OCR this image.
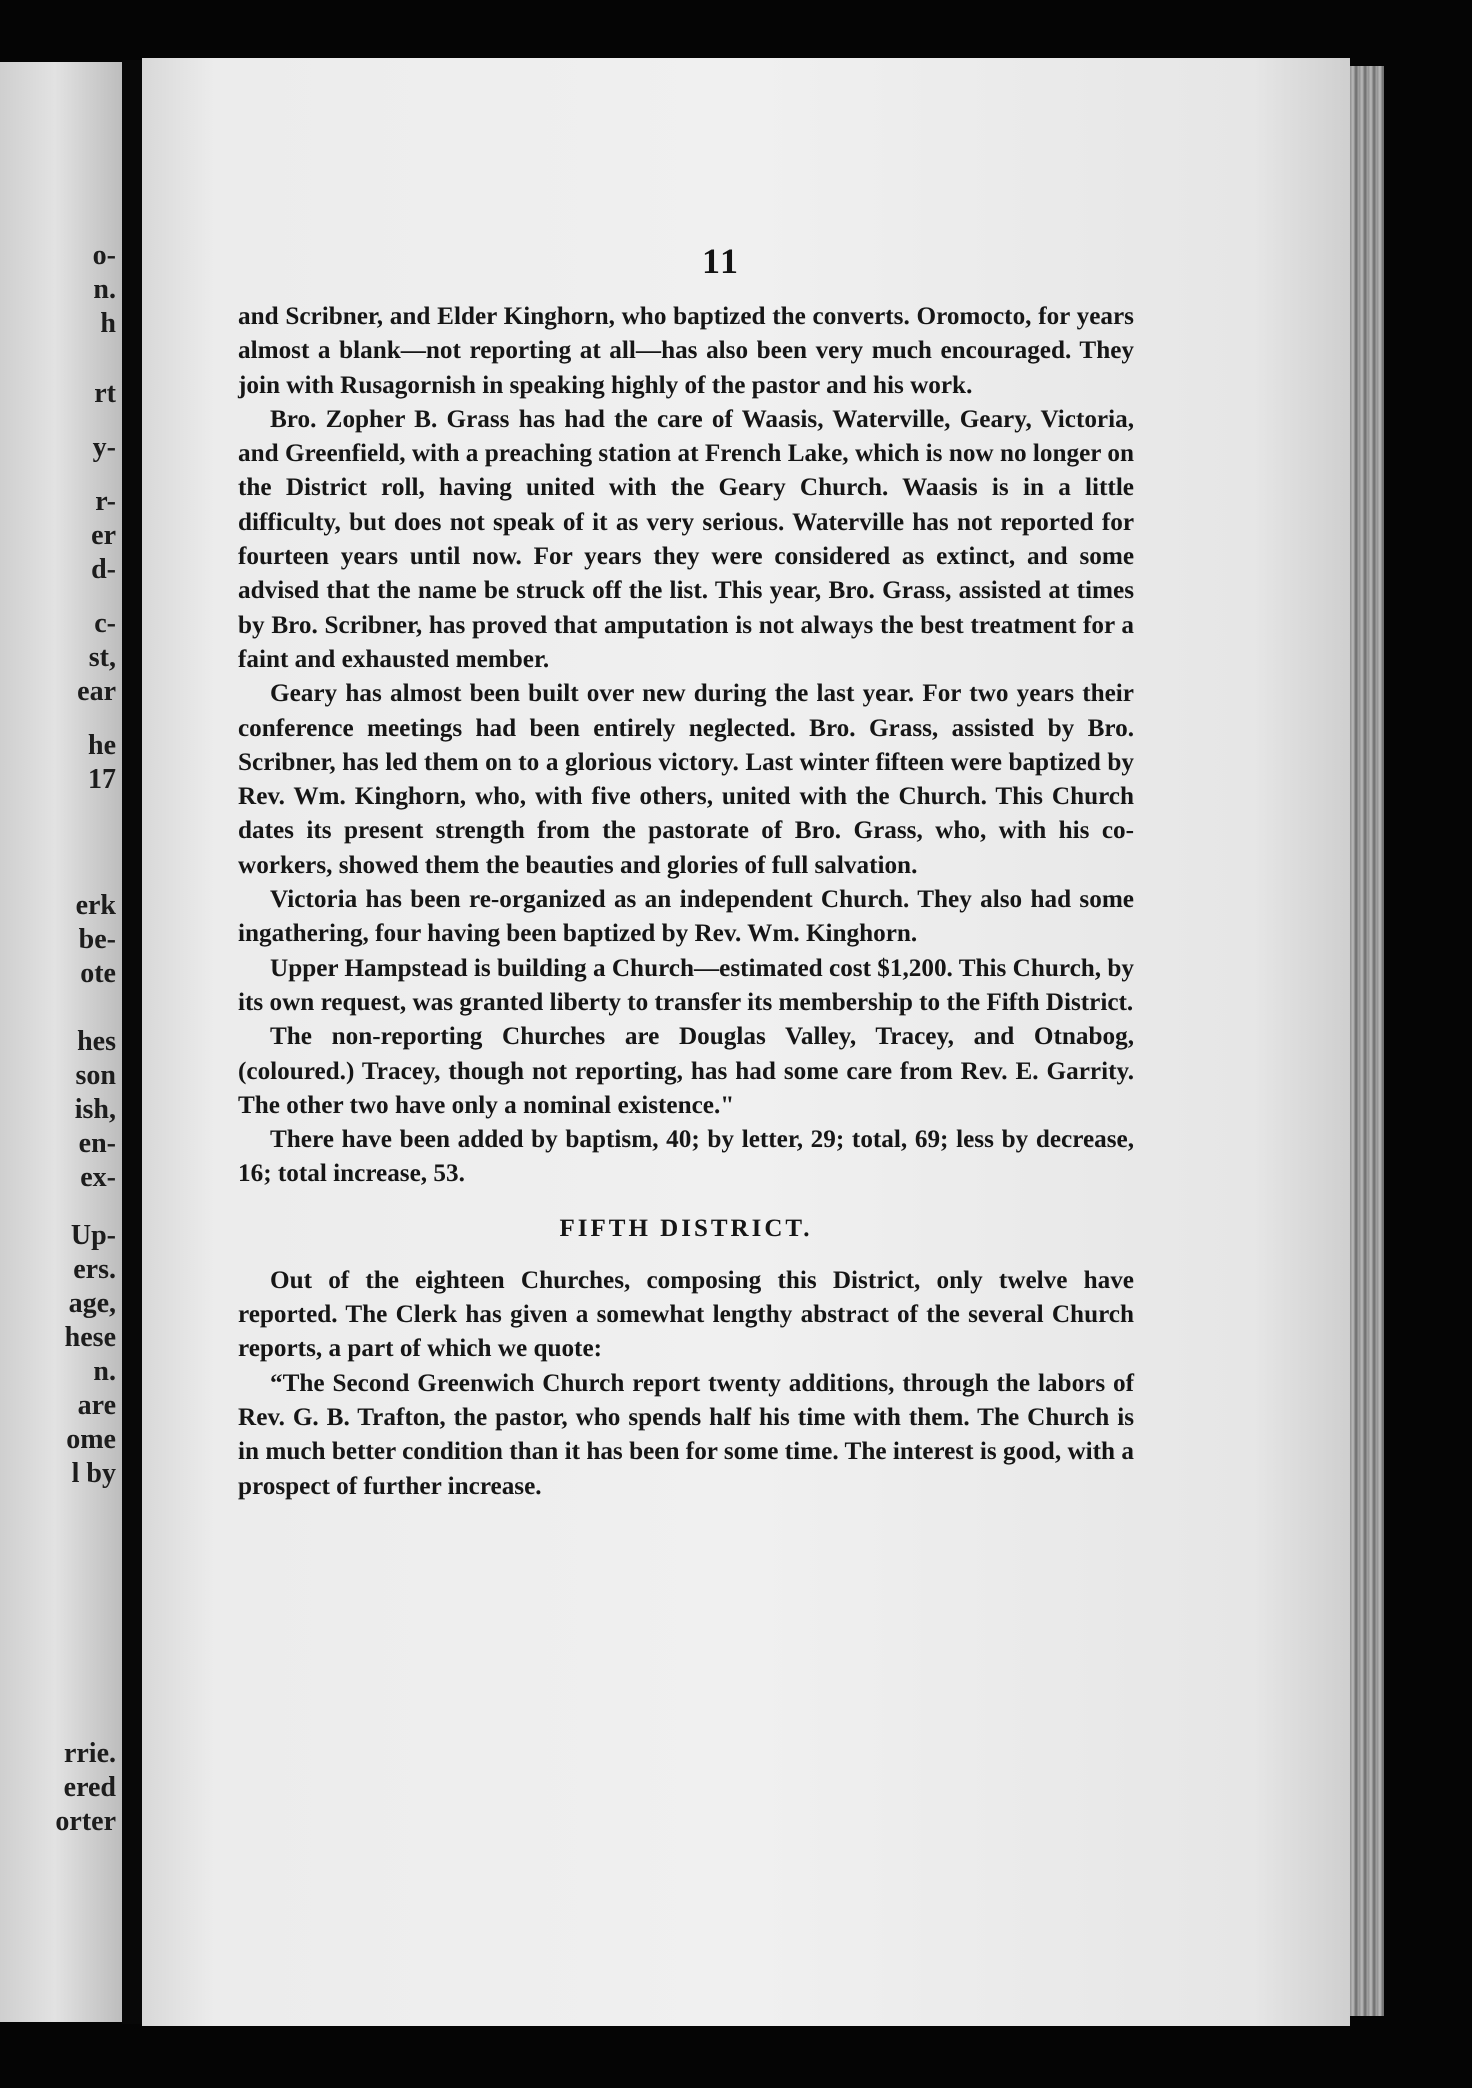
o-
n.
h
rt
y-
r-
er
d-
c-
st,
ear
he
17
erk
be-
ote
hes
son
ish,
en-
ex-
Up-
ers.
age,
hese
n.
are
ome
l by
rrie.
ered
orter
11

and Scribner, and Elder Kinghorn, who baptized the converts. Oromocto, for years almost a blank—not reporting at all—has also been very much encouraged. They join with Rusagornish in speaking highly of the pastor and his work.

Bro. Zopher B. Grass has had the care of Waasis, Waterville, Geary, Victoria, and Greenfield, with a preaching station at French Lake, which is now no longer on the District roll, having united with the Geary Church. Waasis is in a little difficulty, but does not speak of it as very serious. Waterville has not reported for fourteen years until now. For years they were considered as extinct, and some advised that the name be struck off the list. This year, Bro. Grass, assisted at times by Bro. Scribner, has proved that amputation is not always the best treatment for a faint and exhausted member.

Geary has almost been built over new during the last year. For two years their conference meetings had been entirely neglected. Bro. Grass, assisted by Bro. Scribner, has led them on to a glorious victory. Last winter fifteen were baptized by Rev. Wm. Kinghorn, who, with five others, united with the Church. This Church dates its present strength from the pastorate of Bro. Grass, who, with his co-workers, showed them the beauties and glories of full salvation.

Victoria has been re-organized as an independent Church. They also had some ingathering, four having been baptized by Rev. Wm. Kinghorn.

Upper Hampstead is building a Church—estimated cost $1,200. This Church, by its own request, was granted liberty to transfer its membership to the Fifth District.

The non-reporting Churches are Douglas Valley, Tracey, and Otnabog, (coloured.) Tracey, though not reporting, has had some care from Rev. E. Garrity. The other two have only a nominal existence."

There have been added by baptism, 40; by letter, 29; total, 69; less by decrease, 16; total increase, 53.

FIFTH DISTRICT.

Out of the eighteen Churches, composing this District, only twelve have reported. The Clerk has given a somewhat lengthy abstract of the several Church reports, a part of which we quote:

“The Second Greenwich Church report twenty additions, through the labors of Rev. G. B. Trafton, the pastor, who spends half his time with them. The Church is in much better condition than it has been for some time. The interest is good, with a prospect of further increase.
